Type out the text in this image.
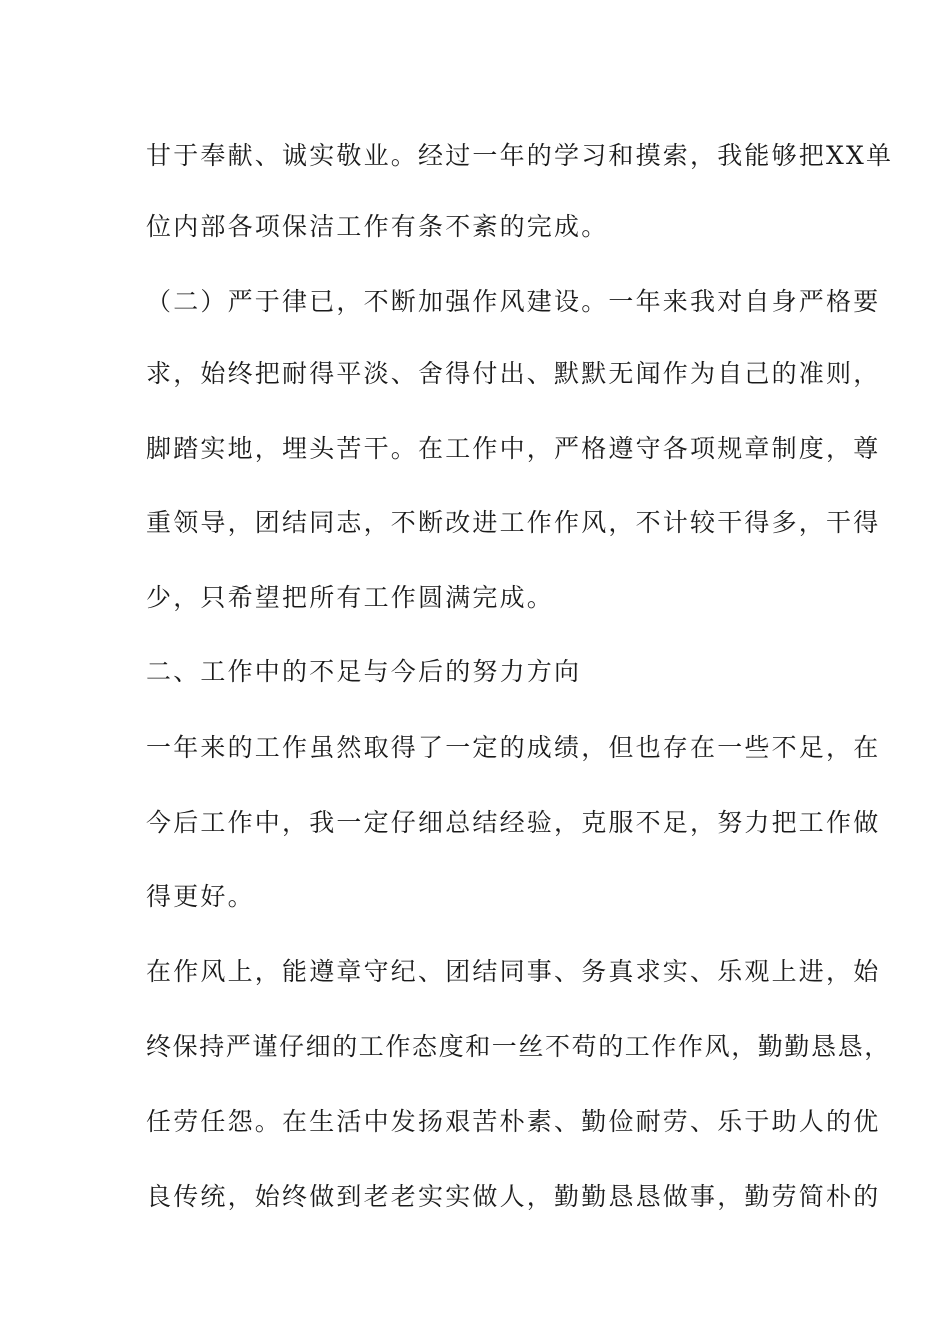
甘于奉献、诚实敬业。经过一年的学习和摸索，我能够把XX单
位内部各项保洁工作有条不紊的完成。
（二）严于律已，不断加强作风建设。一年来我对自身严格要
求，始终把耐得平淡、舍得付出、默默无闻作为自己的准则，
脚踏实地，埋头苦干。在工作中，严格遵守各项规章制度，尊
重领导，团结同志，不断改进工作作风，不计较干得多，干得
少，只希望把所有工作圆满完成。
二、工作中的不足与今后的努力方向
一年来的工作虽然取得了一定的成绩，但也存在一些不足，在
今后工作中，我一定仔细总结经验，克服不足，努力把工作做
得更好。
在作风上，能遵章守纪、团结同事、务真求实、乐观上进，始
终保持严谨仔细的工作态度和一丝不苟的工作作风，勤勤恳恳，
任劳任怨。在生活中发扬艰苦朴素、勤俭耐劳、乐于助人的优
良传统，始终做到老老实实做人，勤勤恳恳做事，勤劳简朴的
